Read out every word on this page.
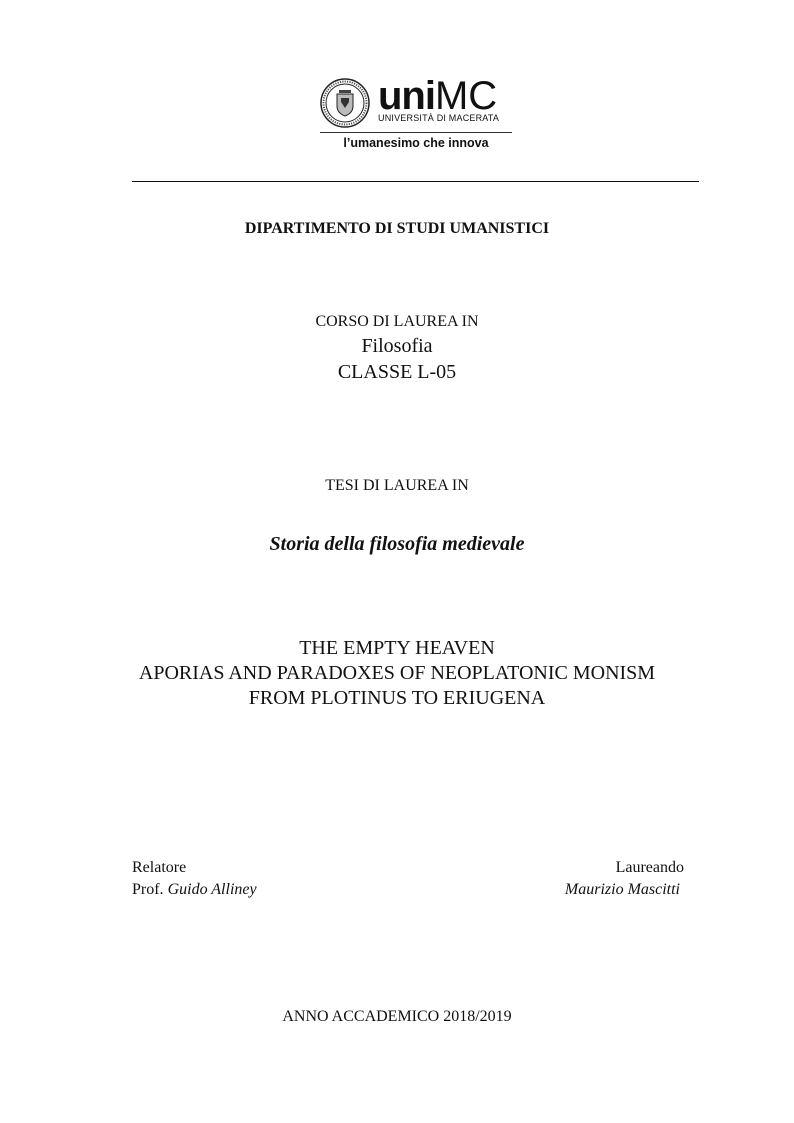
uniMC
UNIVERSITÀ DI MACERATA
l’umanesimo che innova
DIPARTIMENTO DI STUDI UMANISTICI
CORSO DI LAUREA IN
Filosofia
CLASSE L-05
TESI DI LAUREA IN
Storia della filosofia medievale
THE EMPTY HEAVEN
APORIAS AND PARADOXES OF NEOPLATONIC MONISM
FROM PLOTINUS TO ERIUGENA
Relatore
Prof. Guido Alliney
Laureando
Maurizio Mascitti
ANNO ACCADEMICO 2018/2019
